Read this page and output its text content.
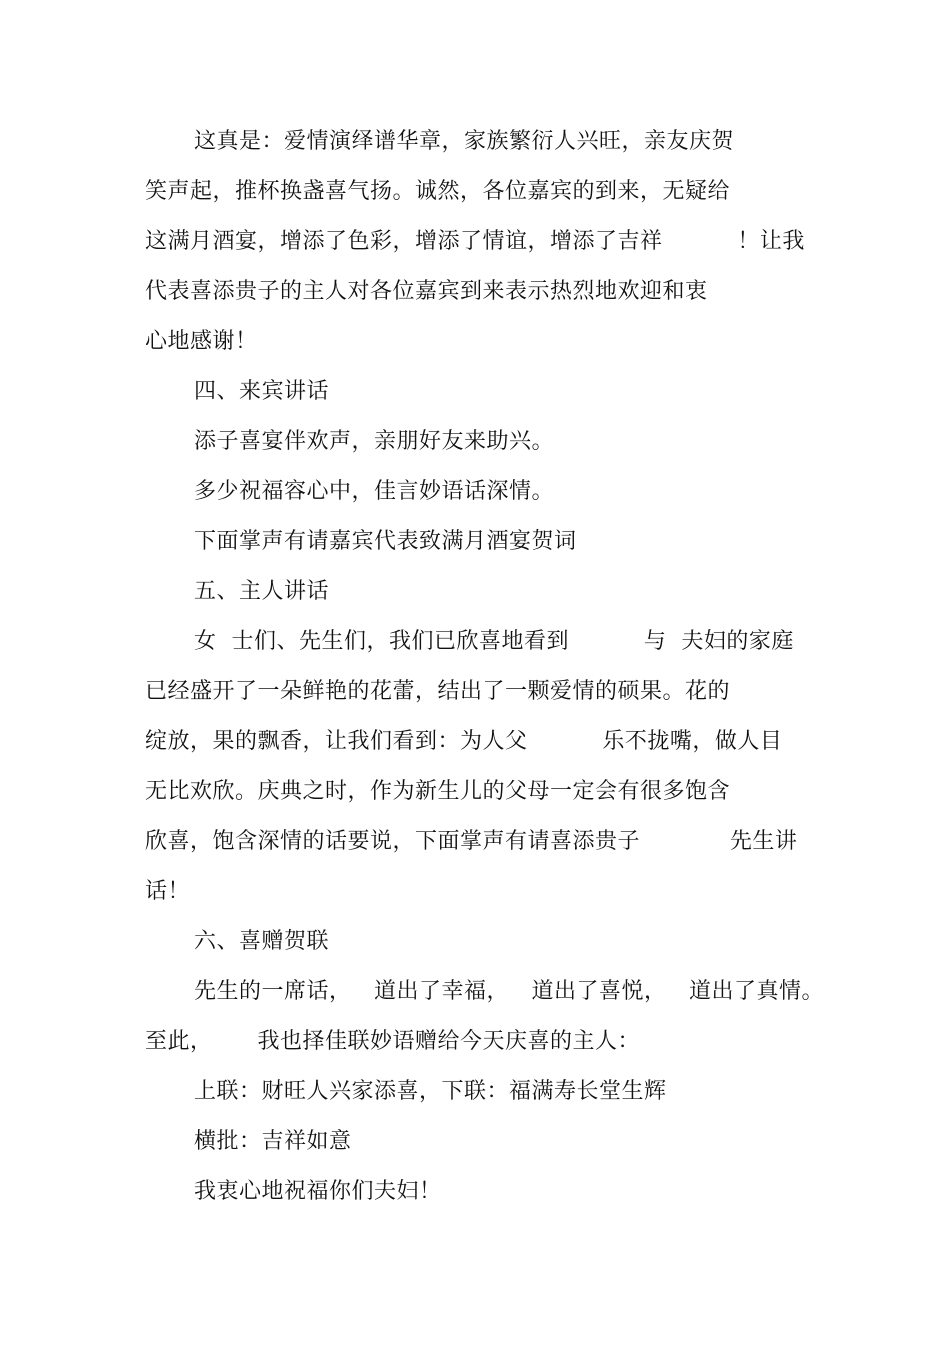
这真是：爱情演绎谱华章，家族繁衍人兴旺，亲友庆贺
笑声起，推杯换盏喜气扬。诚然，各位嘉宾的到来，无疑给
这满月酒宴，增添了色彩，增添了情谊，增添了吉祥          ！让我
代表喜添贵子的主人对各位嘉宾到来表示热烈地欢迎和衷
心地感谢！
四、来宾讲话
添子喜宴伴欢声，亲朋好友来助兴。
多少祝福容心中，佳言妙语话深情。
下面掌声有请嘉宾代表致满月酒宴贺词
五、主人讲话
女  士们、先生们，我们已欣喜地看到          与  夫妇的家庭
已经盛开了一朵鲜艳的花蕾，结出了一颗爱情的硕果。花的
绽放，果的飘香，让我们看到：为人父          乐不拢嘴，做人目
无比欢欣。庆典之时，作为新生儿的父母一定会有很多饱含
欣喜，饱含深情的话要说，下面掌声有请喜添贵子            先生讲
话！
六、喜赠贺联
先生的一席话，   道出了幸福，   道出了喜悦，   道出了真情。
至此，      我也择佳联妙语赠给今天庆喜的主人：
上联：财旺人兴家添喜，下联：福满寿长堂生辉
横批：吉祥如意
我衷心地祝福你们夫妇！
